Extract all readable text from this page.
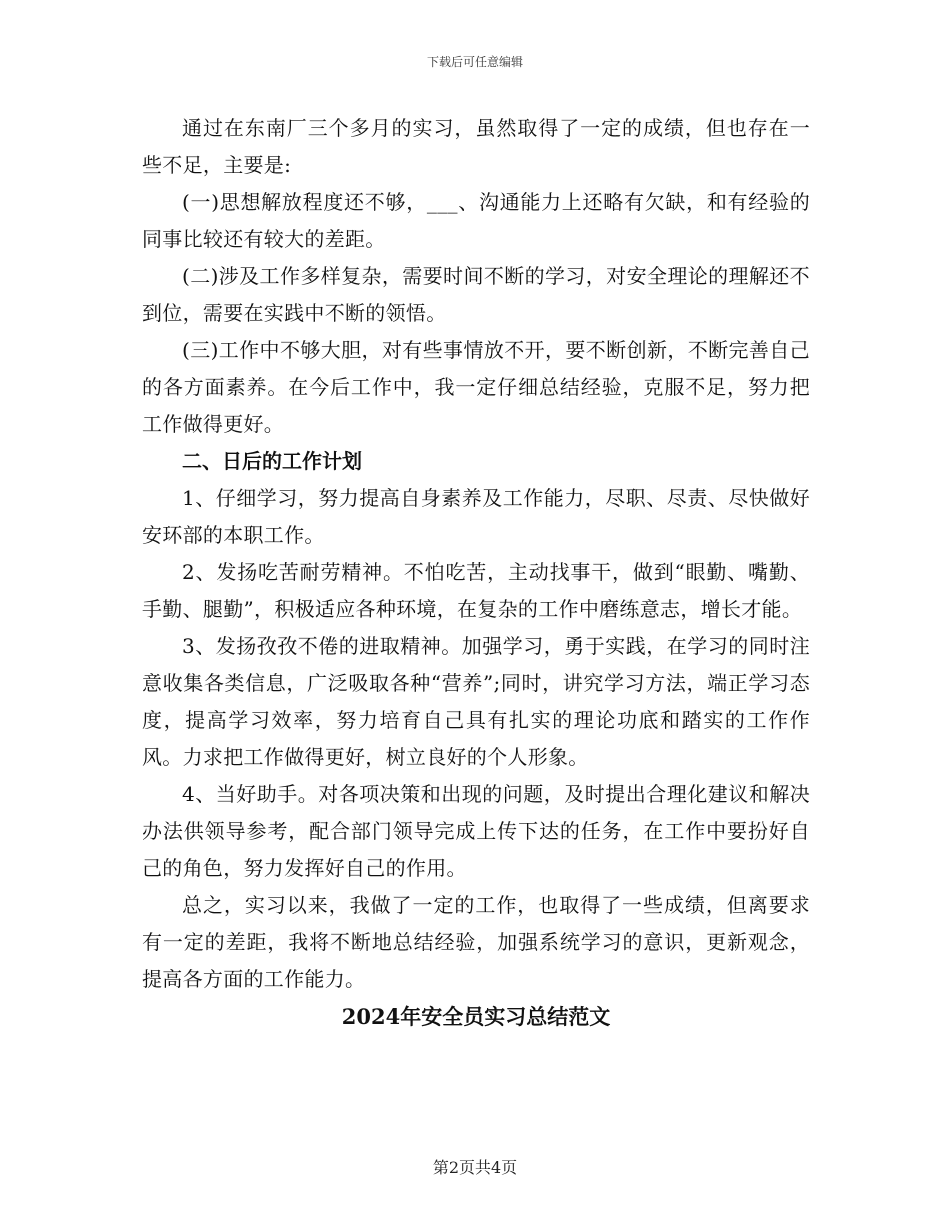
下载后可任意编辑

通过在东南厂三个多月的实习，虽然取得了一定的成绩，但也存在一些不足，主要是:

(一)思想解放程度还不够，___、沟通能力上还略有欠缺，和有经验的同事比较还有较大的差距。

(二)涉及工作多样复杂，需要时间不断的学习，对安全理论的理解还不到位，需要在实践中不断的领悟。

(三)工作中不够大胆，对有些事情放不开，要不断创新，不断完善自己的各方面素养。在今后工作中，我一定仔细总结经验，克服不足，努力把工作做得更好。

二、日后的工作计划

1、仔细学习，努力提高自身素养及工作能力，尽职、尽责、尽快做好安环部的本职工作。

2、发扬吃苦耐劳精神。不怕吃苦，主动找事干，做到“眼勤、嘴勤、手勤、腿勤”，积极适应各种环境，在复杂的工作中磨练意志，增长才能。

3、发扬孜孜不倦的进取精神。加强学习，勇于实践，在学习的同时注意收集各类信息，广泛吸取各种“营养”;同时，讲究学习方法，端正学习态度，提高学习效率，努力培育自己具有扎实的理论功底和踏实的工作作风。力求把工作做得更好，树立良好的个人形象。

4、当好助手。对各项决策和出现的问题，及时提出合理化建议和解决办法供领导参考，配合部门领导完成上传下达的任务，在工作中要扮好自己的角色，努力发挥好自己的作用。

总之，实习以来，我做了一定的工作，也取得了一些成绩，但离要求有一定的差距，我将不断地总结经验，加强系统学习的意识，更新观念，提高各方面的工作能力。

2024年安全员实习总结范文

第2页共4页
